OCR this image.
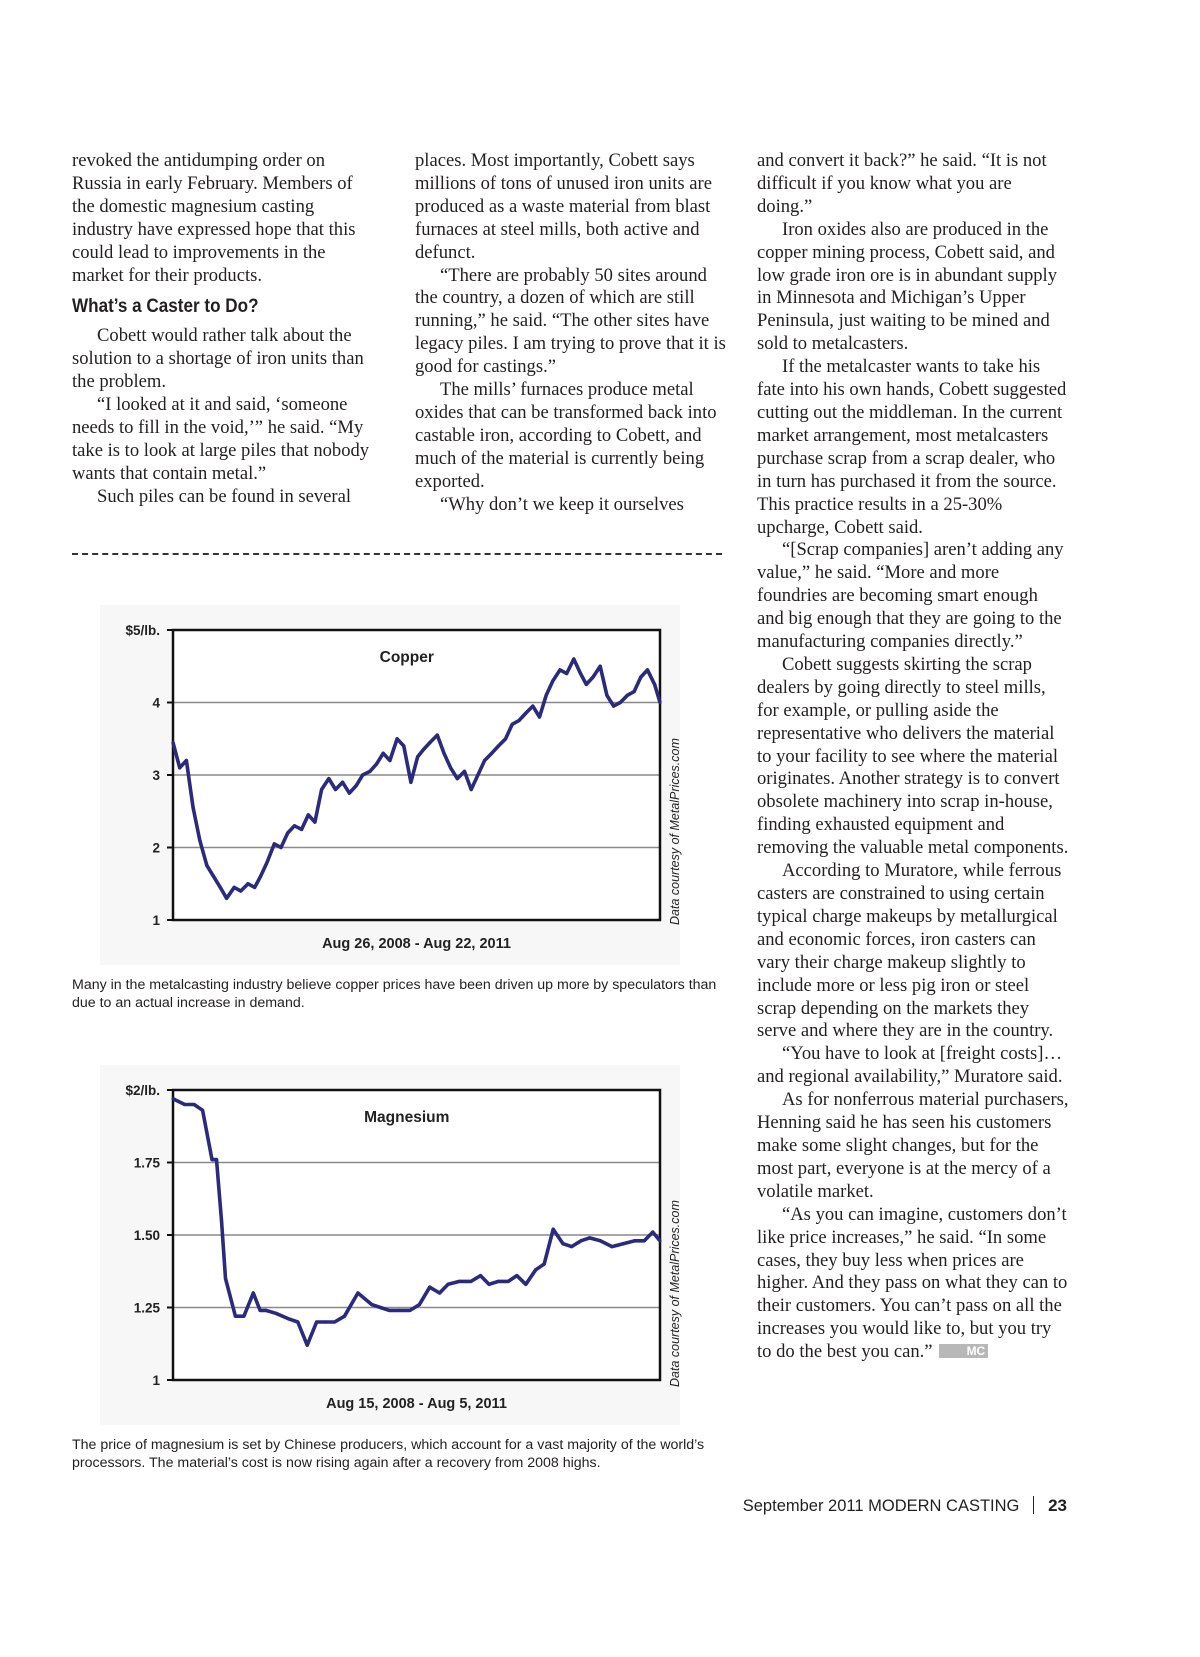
revoked the antidumping order on Russia in early February. Members of the domestic magnesium casting industry have expressed hope that this could lead to improvements in the market for their products.

What’s a Caster to Do?

Cobett would rather talk about the solution to a shortage of iron units than the problem.

“I looked at it and said, ‘someone needs to fill in the void,’” he said. “My take is to look at large piles that nobody wants that contain metal.”

Such piles can be found in several

places. Most importantly, Cobett says millions of tons of unused iron units are produced as a waste material from blast furnaces at steel mills, both active and defunct.

“There are probably 50 sites around the country, a dozen of which are still running,” he said. “The other sites have legacy piles. I am trying to prove that it is good for castings.”

The mills’ furnaces produce metal oxides that can be transformed back into castable iron, according to Cobett, and much of the material is currently being exported.

“Why don’t we keep it ourselves

and convert it back?” he said. “It is not difficult if you know what you are doing.”

Iron oxides also are produced in the copper mining process, Cobett said, and low grade iron ore is in abundant supply in Minnesota and Michigan’s Upper Peninsula, just waiting to be mined and sold to metalcasters.

If the metalcaster wants to take his fate into his own hands, Cobett suggested cutting out the middleman. In the current market arrangement, most metalcasters purchase scrap from a scrap dealer, who in turn has purchased it from the source. This practice results in a 25-30% upcharge, Cobett said.

“[Scrap companies] aren’t adding any value,” he said. “More and more foundries are becoming smart enough and big enough that they are going to the manufacturing companies directly.”

Cobett suggests skirting the scrap dealers by going directly to steel mills, for example, or pulling aside the representative who delivers the material to your facility to see where the material originates. Another strategy is to convert obsolete machinery into scrap in-house, finding exhausted equipment and removing the valuable metal components.

According to Muratore, while ferrous casters are constrained to using certain typical charge makeups by metallurgical and economic forces, iron casters can vary their charge makeup slightly to include more or less pig iron or steel scrap depending on the markets they serve and where they are in the country.

“You have to look at [freight costs]…and regional availability,” Muratore said.

As for nonferrous material purchasers, Henning said he has seen his customers make some slight changes, but for the most part, everyone is at the mercy of a volatile market.

“As you can imagine, customers don’t like price increases,” he said. “In some cases, they buy less when prices are higher. And they pass on what they can to their customers. You can’t pass on all the increases you would like to, but you try to do the best you can.”	MC

$5/lb.
4
3
2
1
Copper
Aug 26, 2008 - Aug 22, 2011
Data courtesy of MetalPrices.com
Many in the metalcasting industry believe copper prices have been driven up more by speculators than due to an actual increase in demand.
$2/lb.
1.75
1.50
1.25
1
Magnesium
Aug 15, 2008 - Aug 5, 2011
Data courtesy of MetalPrices.com
The price of magnesium is set by Chinese producers, which account for a vast majority of the world’s processors. The material’s cost is now rising again after a recovery from 2008 highs.
September 2011 MODERN CASTING 23
